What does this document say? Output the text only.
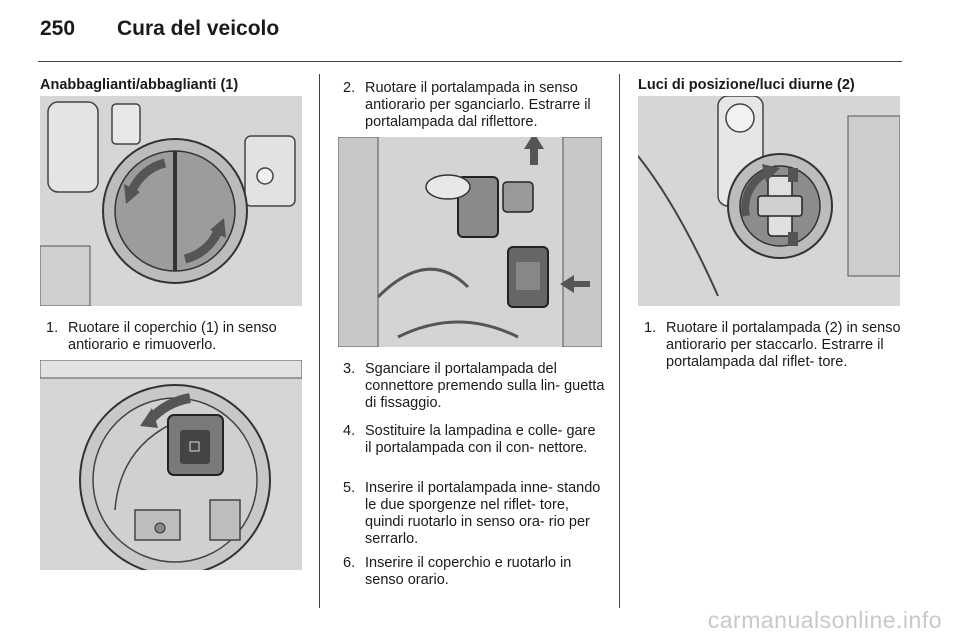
250 Cura del veicolo
Anabbaglianti/abbaglianti (1)
1. Ruotare il coperchio (1) in senso antiorario e rimuoverlo.
2. Ruotare il portalampada in senso antiorario per sganciarlo. Estrarre il portalampada dal riflettore.
3. Sganciare il portalampada del connettore premendo sulla lin- guetta di fissaggio.
4. Sostituire la lampadina e colle- gare il portalampada con il con- nettore.
5. Inserire il portalampada inne- stando le due sporgenze nel riflet- tore, quindi ruotarlo in senso ora- rio per serrarlo.
6. Inserire il coperchio e ruotarlo in senso orario.
Luci di posizione/luci diurne (2)
1. Ruotare il portalampada (2) in senso antiorario per staccarlo. Estrarre il portalampada dal riflet- tore.
carmanualsonline.info
